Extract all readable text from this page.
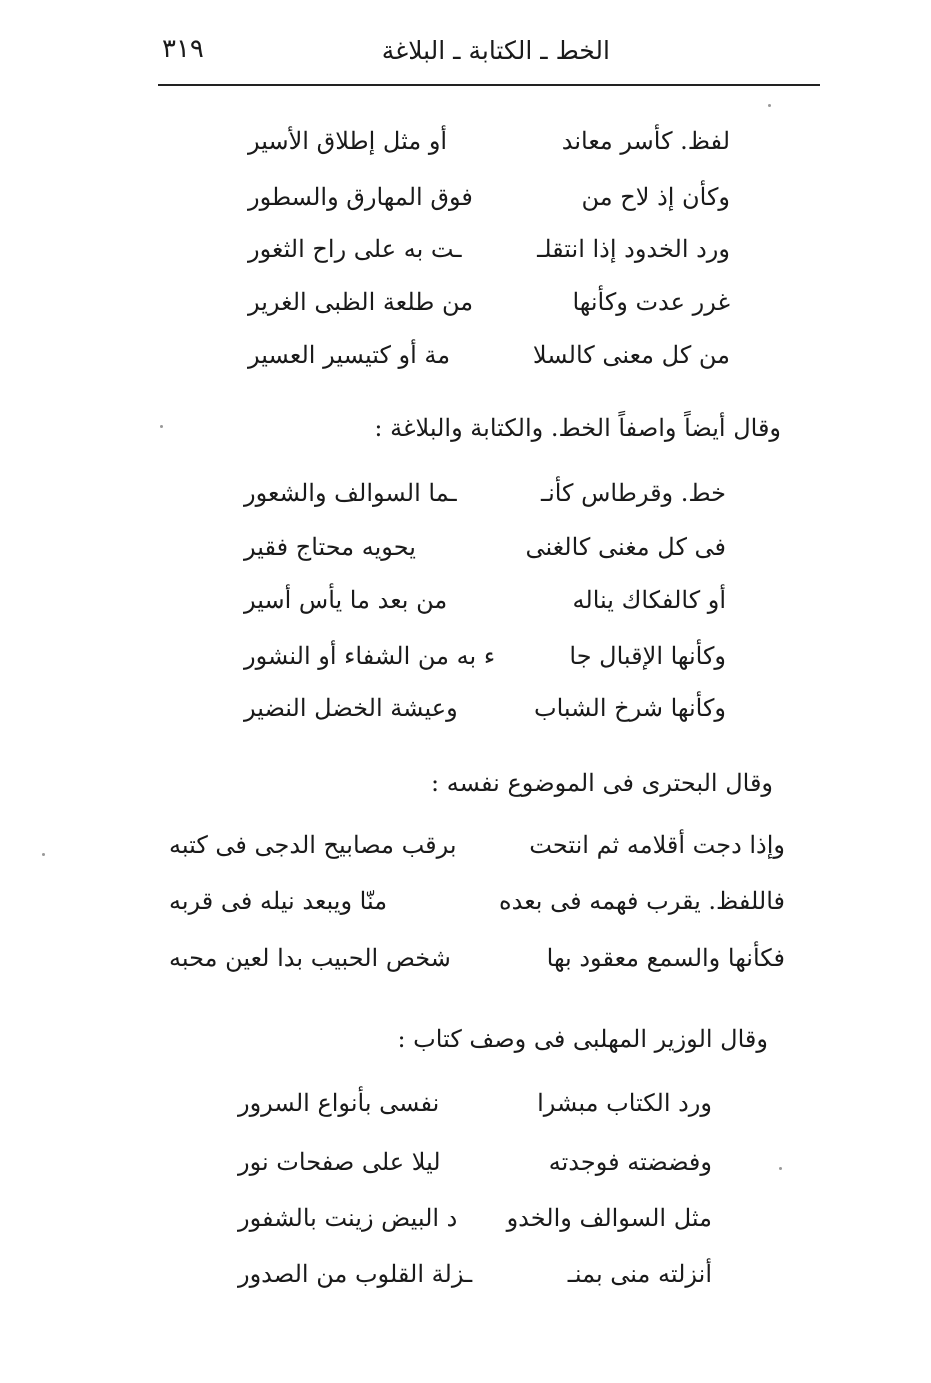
الخط ـ الكتابة ـ البلاغة
٣١٩
لفظ. كأسر معاند
أو مثل إطلاق الأسير
وكأن إذ لاح من
فوق المهارق والسطور
ورد الخدود إذا انتقلـ
ـت به على راح الثغور
غرر عدت وكأنها
من طلعة الظبى الغرير
من كل معنى كالسلا
مة أو كتيسير العسير
وقال أيضاً واصفاً الخط. والكتابة والبلاغة :
خط. وقرطاس كأنـ
ـما السوالف والشعور
فى كل مغنى كالغنى
يحويه محتاج فقير
أو كالفكاك يناله
من بعد ما يأس أسير
وكأنها الإقبال جا
ء به من الشفاء أو النشور
وكأنها شرخ الشباب
وعيشة الخضل النضير
وقال البحترى فى الموضوع نفسه :
وإذا دجت أقلامه ثم انتحت
برقب مصابيح الدجى فى كتبه
فاللفظ. يقرب فهمه فى بعده
منّا ويبعد نيله فى قربه
فكأنها والسمع معقود بها
شخص الحبيب بدا لعين محبه
وقال الوزير المهلبى فى وصف كتاب :
ورد الكتاب مبشرا
نفسى بأنواع السرور
وفضضته فوجدته
ليلا على صفحات نور
مثل السوالف والخدو
د البيض زينت بالشفور
أنزلته منى بمنـ
ـزلة القلوب من الصدور
